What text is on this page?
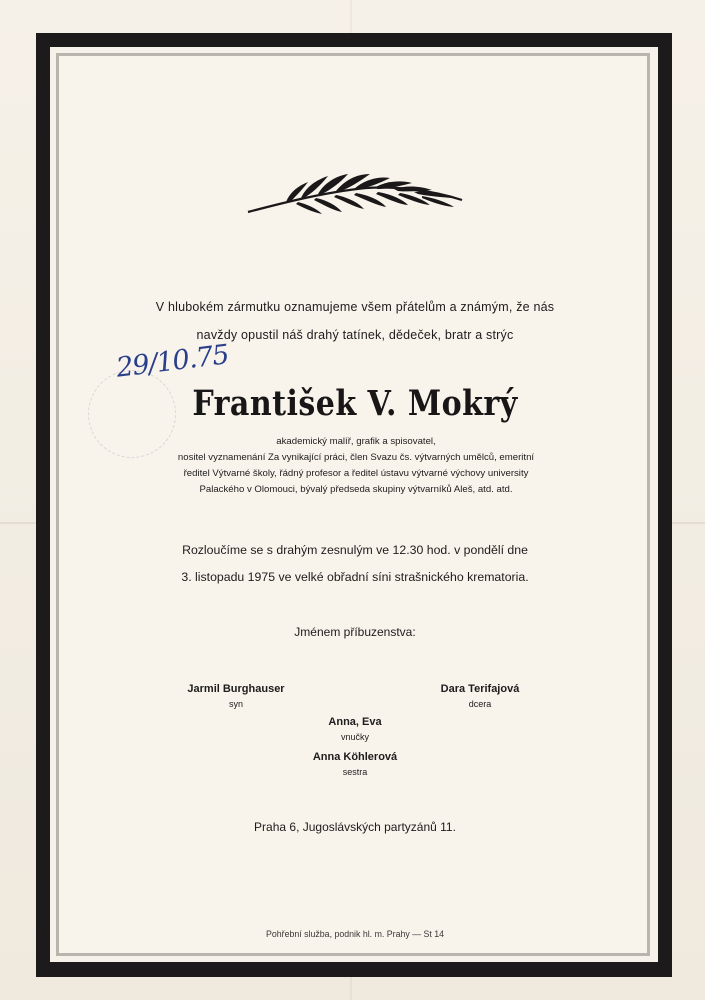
V hlubokém zármutku oznamujeme všem přátelům a známým, že nás
navždy opustil náš drahý tatínek, dědeček, bratr a strýc
29/10.75
František V. Mokrý
akademický malíř, grafik a spisovatel,
nositel vyznamenání Za vynikající práci, člen Svazu čs. výtvarných umělců, emeritní
ředitel Výtvarné školy, řádný profesor a ředitel ústavu výtvarné výchovy university
Palackého v Olomouci, bývalý předseda skupiny výtvarníků Aleš, atd. atd.
Rozloučíme se s drahým zesnulým ve 12.30 hod. v pondělí dne
3. listopadu 1975 ve velké obřadní síni strašnického krematoria.
Jménem příbuzenstva:
Jarmil Burghauser
syn
Dara Terifajová
dcera
Anna, Eva
vnučky
Anna Köhlerová
sestra
Praha 6, Jugoslávských partyzánů 11.
Pohřební služba, podnik hl. m. Prahy — St 14
